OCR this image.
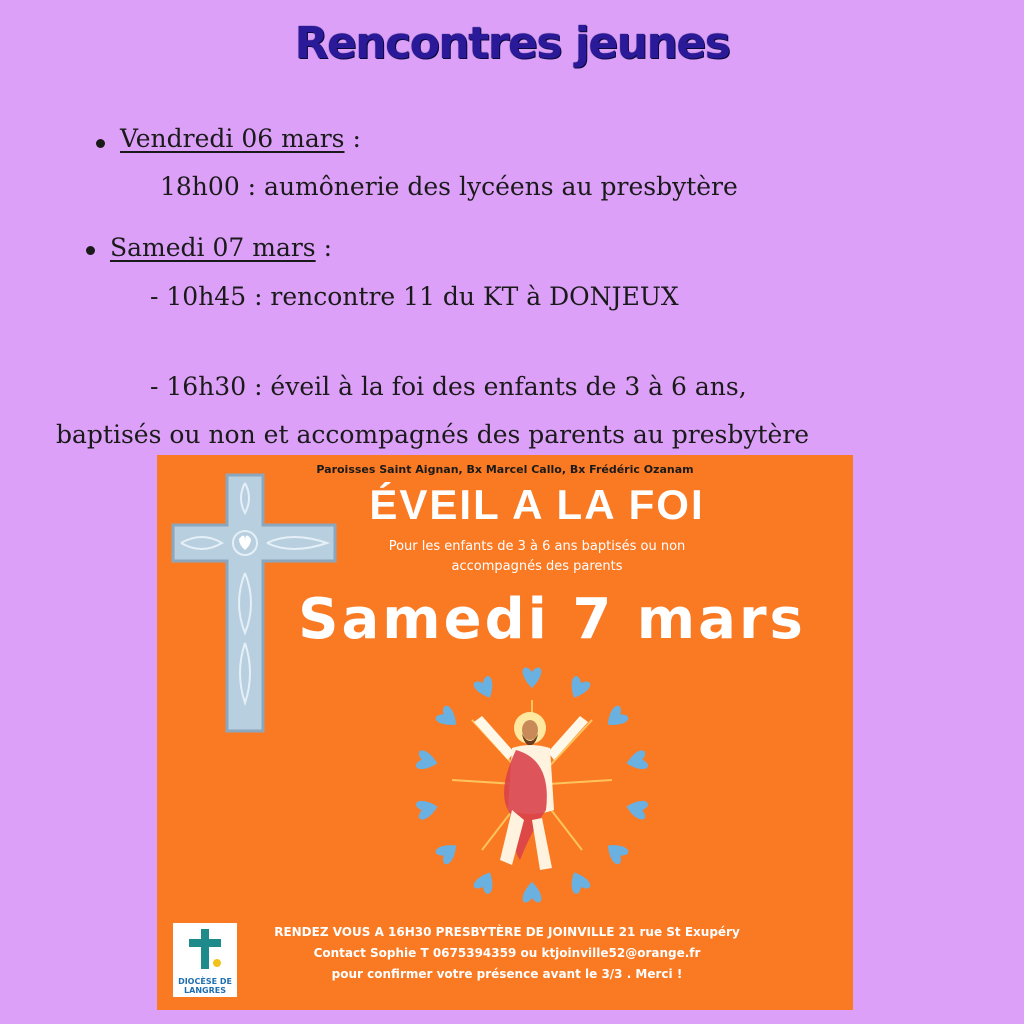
Rencontres jeunes
Vendredi 06 mars :
18h00 : aumônerie des lycéens au presbytère
Samedi 07 mars :
- 10h45 : rencontre 11 du KT à DONJEUX
- 16h30 : éveil à la foi des enfants de 3 à 6 ans,
baptisés ou non et accompagnés des parents au presbytère
Paroisses Saint Aignan, Bx Marcel Callo, Bx Frédéric Ozanam
ÉVEIL A LA FOI
Pour les enfants de 3 à 6 ans baptisés ou non
accompagnés des parents
Samedi 7 mars
RENDEZ VOUS A 16H30 PRESBYTÈRE DE JOINVILLE 21 rue St Exupéry
Contact Sophie T 0675394359 ou ktjoinville52@orange.fr
pour confirmer votre présence avant le 3/3 . Merci !
DIOCÈSE DE
LANGRES
